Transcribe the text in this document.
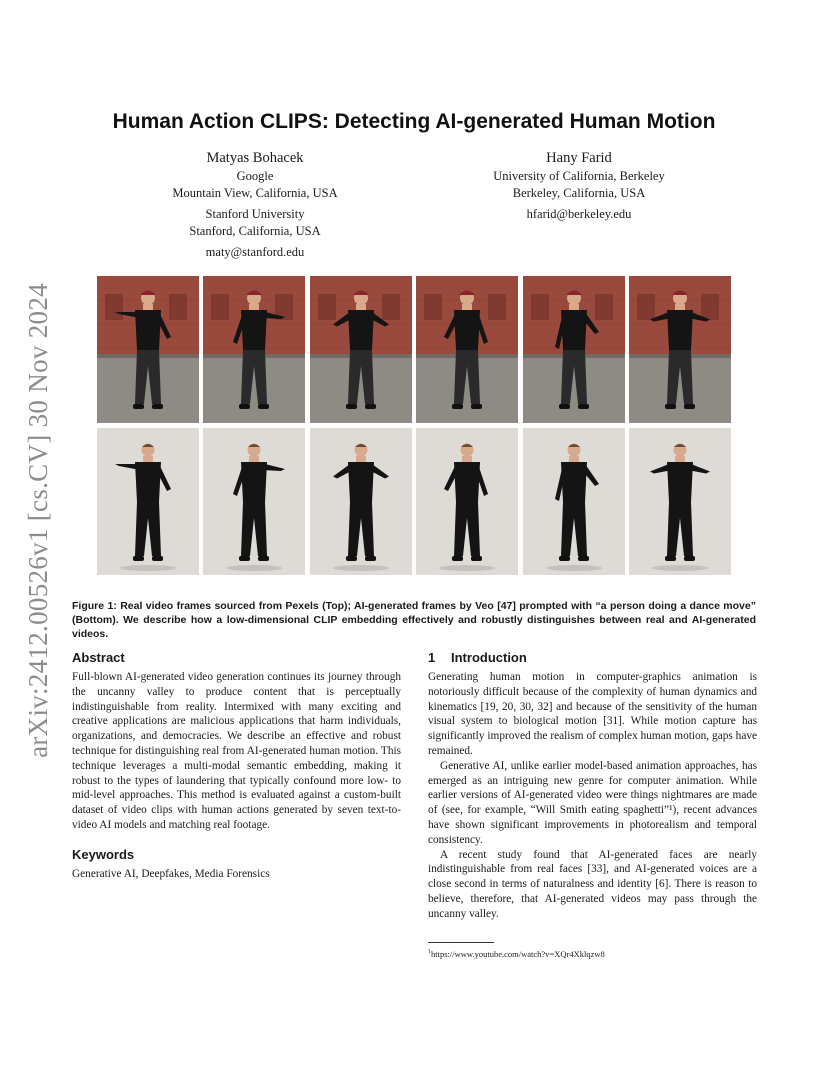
arXiv:2412.00526v1 [cs.CV] 30 Nov 2024
Human Action CLIPS: Detecting AI-generated Human Motion
Matyas Bohacek
Google
Mountain View, California, USA
Stanford University
Stanford, California, USA
maty@stanford.edu
Hany Farid
University of California, Berkeley
Berkeley, California, USA
hfarid@berkeley.edu

Figure 1: Real video frames sourced from Pexels (Top); AI-generated frames by Veo [47] prompted with “a person doing a dance move” (Bottom). We describe how a low-dimensional CLIP embedding effectively and robustly distinguishes between real and AI-generated videos.

Abstract

Full-blown AI-generated video generation continues its journey through the uncanny valley to produce content that is perceptually indistinguishable from reality. Intermixed with many exciting and creative applications are malicious applications that harm individuals, organizations, and democracies. We describe an effective and robust technique for distinguishing real from AI-generated human motion. This technique leverages a multi-modal semantic embedding, making it robust to the types of laundering that typically confound more low- to mid-level approaches. This method is evaluated against a custom-built dataset of video clips with human actions generated by seven text-to-video AI models and matching real footage.

Keywords

Generative AI, Deepfakes, Media Forensics

1 Introduction

Generating human motion in computer-graphics animation is notoriously difficult because of the complexity of human dynamics and kinematics [19, 20, 30, 32] and because of the sensitivity of the human visual system to biological motion [31]. While motion capture has significantly improved the realism of complex human motion, gaps have remained.

Generative AI, unlike earlier model-based animation approaches, has emerged as an intriguing new genre for computer animation. While earlier versions of AI-generated video were things nightmares are made of (see, for example, “Will Smith eating spaghetti”¹), recent advances have shown significant improvements in photorealism and temporal consistency.

A recent study found that AI-generated faces are nearly indistinguishable from real faces [33], and AI-generated voices are a close second in terms of naturalness and identity [6]. There is reason to believe, therefore, that AI-generated videos may pass through the uncanny valley.

$^1$https://www.youtube.com/watch?v=XQr4Xklqzw8
